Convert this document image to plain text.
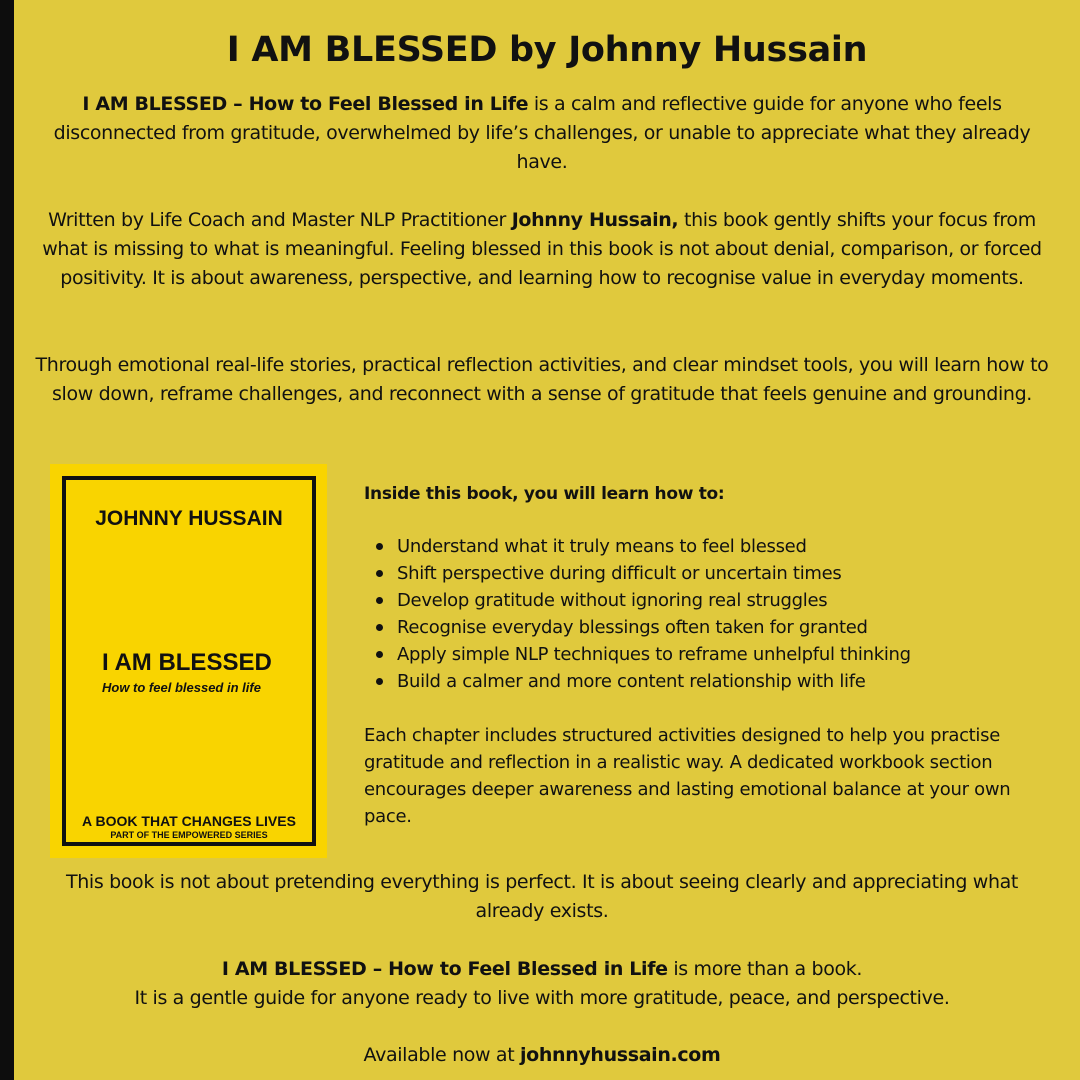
I AM BLESSED by Johnny Hussain

I AM BLESSED – How to Feel Blessed in Life is a calm and reflective guide for anyone who feels disconnected from gratitude, overwhelmed by life’s challenges, or unable to appreciate what they already have.

Written by Life Coach and Master NLP Practitioner Johnny Hussain, this book gently shifts your focus from what is missing to what is meaningful. Feeling blessed in this book is not about denial, comparison, or forced positivity. It is about awareness, perspective, and learning how to recognise value in everyday moments.

Through emotional real-life stories, practical reflection activities, and clear mindset tools, you will learn how to slow down, reframe challenges, and reconnect with a sense of gratitude that feels genuine and grounding.

JOHNNY HUSSAIN
I AM BLESSED
How to feel blessed in life
A BOOK THAT CHANGES LIVES
PART OF THE EMPOWERED SERIES

Inside this book, you will learn how to:

Understand what it truly means to feel blessed
Shift perspective during difficult or uncertain times
Develop gratitude without ignoring real struggles
Recognise everyday blessings often taken for granted
Apply simple NLP techniques to reframe unhelpful thinking
Build a calmer and more content relationship with life

Each chapter includes structured activities designed to help you practise gratitude and reflection in a realistic way. A dedicated workbook section encourages deeper awareness and lasting emotional balance at your own pace.

This book is not about pretending everything is perfect. It is about seeing clearly and appreciating what already exists.

I AM BLESSED – How to Feel Blessed in Life is more than a book.
It is a gentle guide for anyone ready to live with more gratitude, peace, and perspective.

Available now at johnnyhussain.com
